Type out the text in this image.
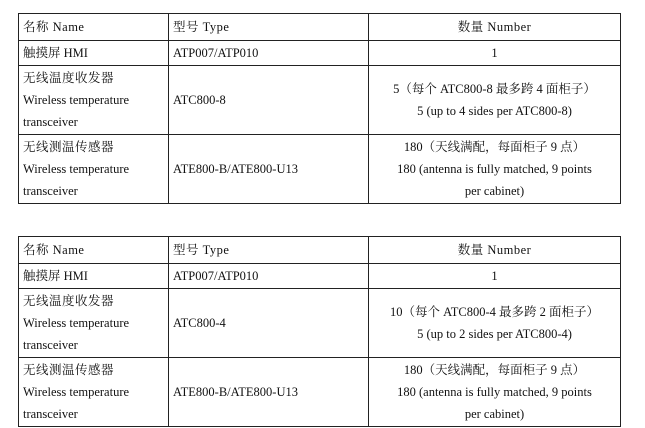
名称 Name	型号 Type	数量 Number

触摸屏 HMI	ATP007/ATP010	1

无线温度收发器
Wireless temperature
transceiver	ATC800-8	5（每个 ATC800-8 最多跨 4 面柜子）
5 (up to 4 sides per ATC800-8)

无线测温传感器
Wireless temperature
transceiver	ATE800-B/ATE800-U13	180（天线满配，每面柜子 9 点）
180 (antenna is fully matched, 9 points
per cabinet)
名称 Name	型号 Type	数量 Number

触摸屏 HMI	ATP007/ATP010	1

无线温度收发器
Wireless temperature
transceiver	ATC800-4	10（每个 ATC800-4 最多跨 2 面柜子）
5 (up to 2 sides per ATC800-4)

无线测温传感器
Wireless temperature
transceiver	ATE800-B/ATE800-U13	180（天线满配，每面柜子 9 点）
180 (antenna is fully matched, 9 points
per cabinet)
